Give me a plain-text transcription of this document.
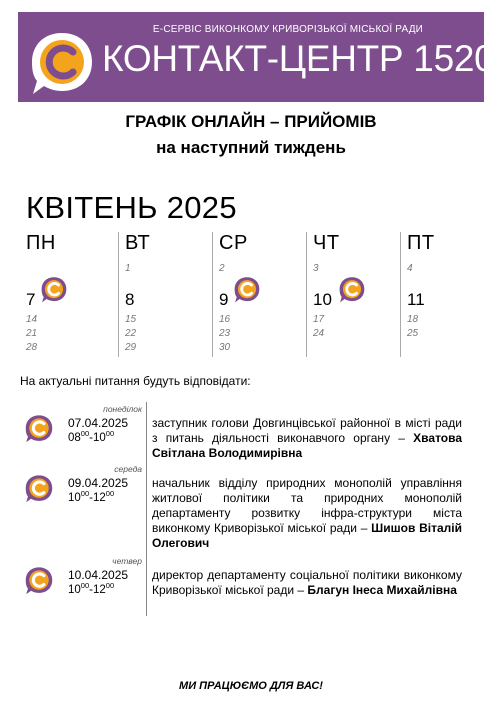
Е-СЕРВІС ВИКОНКОМУ КРИВОРІЗЬКОЇ МІСЬКОЇ РАДИ
КОНТАКТ-ЦЕНТР 1520
ГРАФІК ОНЛАЙН – ПРИЙОМІВ
на наступний тиждень
КВІТЕНЬ 2025
ПН
7
14
21
28
ВТ
1
8
15
22
29
СР
2
9
16
23
30
ЧТ
3
10
17
24
ПТ
4
11
18
25
На актуальні питання будуть відповідати:
понеділок
07.04.2025
$08^{00}-10^{00}$
заступник голови Довгинцівської районної в місті ради з питань діяльності виконавчого органу – Хватова Світлана Володимирівна
середа
09.04.2025
$10^{00}-12^{00}$
начальник відділу природних монополій управління житлової політики та природних монополій департаменту розвитку інфра-структури міста виконкому Криворізької міської ради – Шишов Віталій Олегович
четвер
10.04.2025
$10^{00}-12^{00}$
директор департаменту соціальної політики виконкому Криворізької міської ради – Благун Інеса Михайлівна
МИ ПРАЦЮЄМО ДЛЯ ВАС!
